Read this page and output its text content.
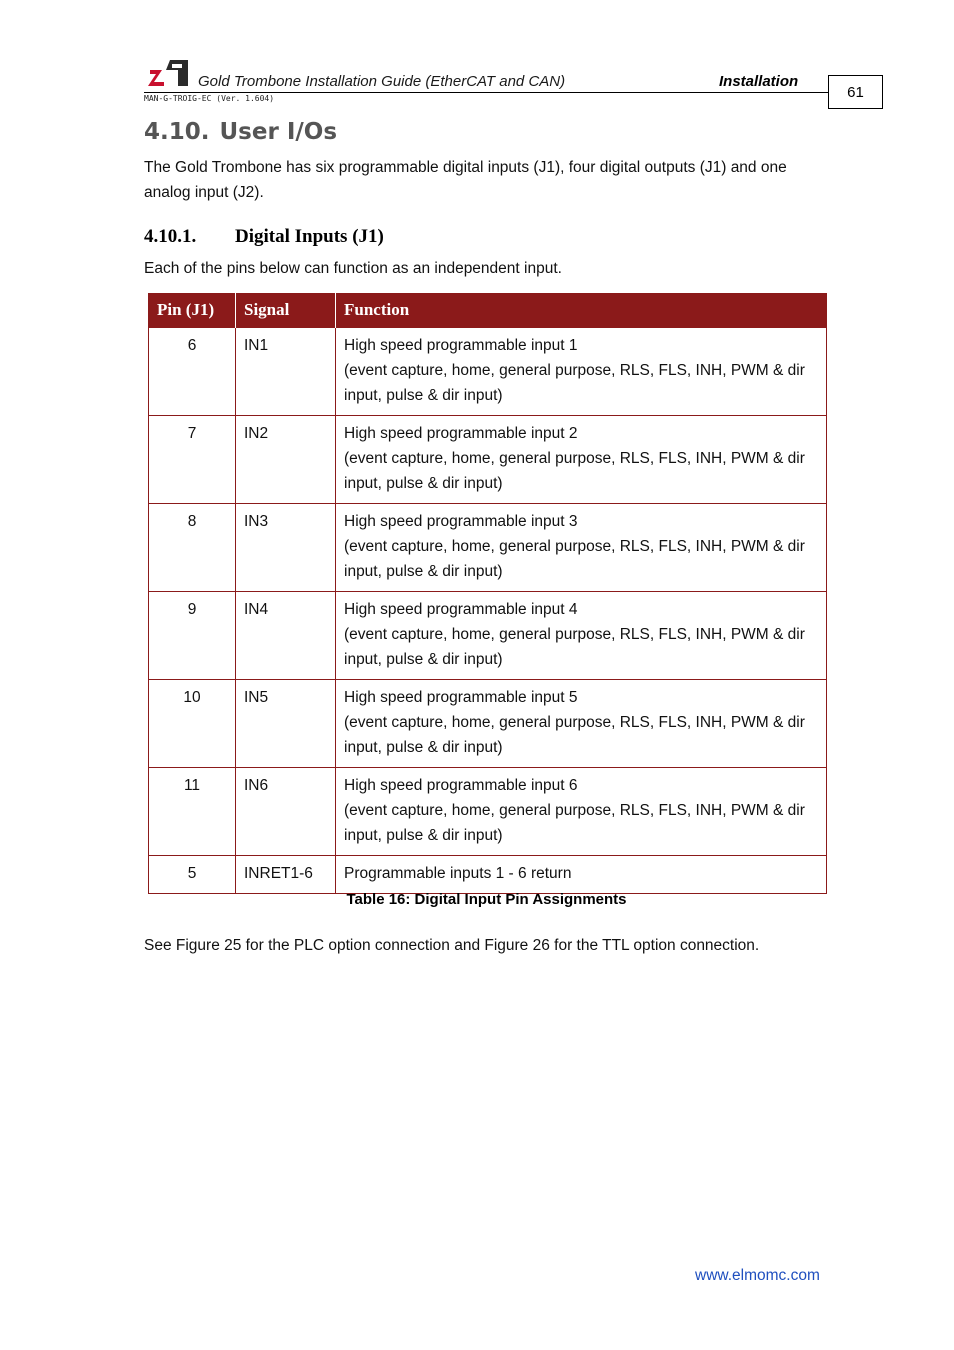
Gold Trombone Installation Guide (EtherCAT and CAN)	Installation
MAN-G-TROIG-EC (Ver. 1.604)	61
4.10. User I/Os
The Gold Trombone has six programmable digital inputs (J1), four digital outputs (J1) and one
analog input (J2).
4.10.1. Digital Inputs (J1)
Each of the pins below can function as an independent input.
Pin (J1)	Signal	Function
6	IN1	High speed programmable input 1
(event capture, home, general purpose, RLS, FLS, INH, PWM & dir input, pulse & dir input)

7	IN2	High speed programmable input 2
(event capture, home, general purpose, RLS, FLS, INH, PWM & dir input, pulse & dir input)

8	IN3	High speed programmable input 3
(event capture, home, general purpose, RLS, FLS, INH, PWM & dir input, pulse & dir input)

9	IN4	High speed programmable input 4
(event capture, home, general purpose, RLS, FLS, INH, PWM & dir input, pulse & dir input)

10	IN5	High speed programmable input 5
(event capture, home, general purpose, RLS, FLS, INH, PWM & dir input, pulse & dir input)

11	IN6	High speed programmable input 6
(event capture, home, general purpose, RLS, FLS, INH, PWM & dir input, pulse & dir input)

5	INRET1-6	Programmable inputs 1 - 6 return
Table 16: Digital Input Pin Assignments
See Figure 25 for the PLC option connection and Figure 26 for the TTL option connection.
www.elmomc.com
